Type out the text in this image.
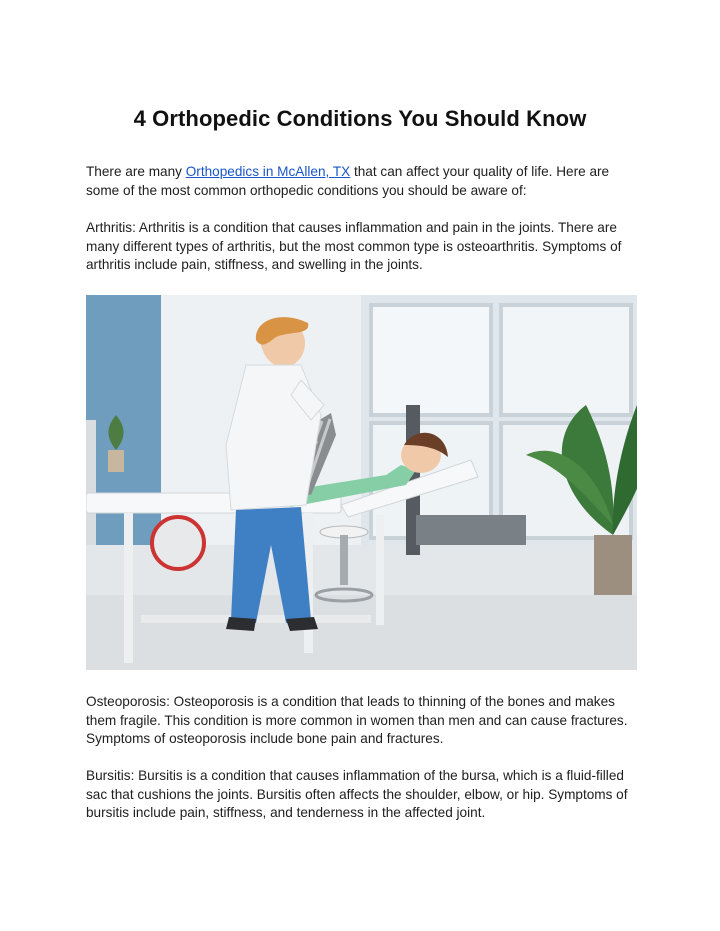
4 Orthopedic Conditions You Should Know

There are many Orthopedics in McAllen, TX that can affect your quality of life. Here are some of the most common orthopedic conditions you should be aware of:

Arthritis: Arthritis is a condition that causes inflammation and pain in the joints. There are many different types of arthritis, but the most common type is osteoarthritis. Symptoms of arthritis include pain, stiffness, and swelling in the joints.

Osteoporosis: Osteoporosis is a condition that leads to thinning of the bones and makes them fragile. This condition is more common in women than men and can cause fractures. Symptoms of osteoporosis include bone pain and fractures.

Bursitis: Bursitis is a condition that causes inflammation of the bursa, which is a fluid-filled sac that cushions the joints. Bursitis often affects the shoulder, elbow, or hip. Symptoms of bursitis include pain, stiffness, and tenderness in the affected joint.
